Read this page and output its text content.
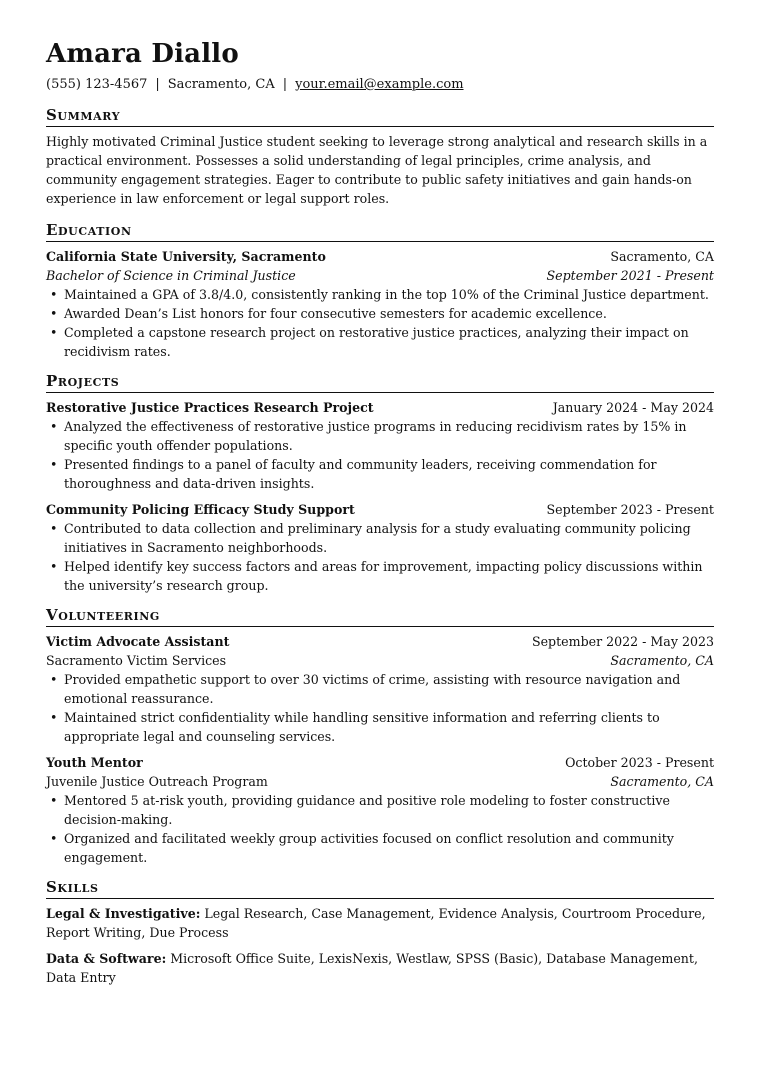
Amara Diallo
(555) 123-4567 | Sacramento, CA | your.email@example.com
Summary
Highly motivated Criminal Justice student seeking to leverage strong analytical and research skills in a practical environment. Possesses a solid understanding of legal principles, crime analysis, and community engagement strategies. Eager to contribute to public safety initiatives and gain hands-on experience in law enforcement or legal support roles.
Education
California State University, Sacramento	Sacramento, CA
Bachelor of Science in Criminal Justice	September 2021 - Present
• Maintained a GPA of 3.8/4.0, consistently ranking in the top 10% of the Criminal Justice department.
• Awarded Dean’s List honors for four consecutive semesters for academic excellence.
• Completed a capstone research project on restorative justice practices, analyzing their impact on recidivism rates.
Projects
Restorative Justice Practices Research Project	January 2024 - May 2024
• Analyzed the effectiveness of restorative justice programs in reducing recidivism rates by 15% in specific youth offender populations.
• Presented findings to a panel of faculty and community leaders, receiving commendation for thoroughness and data-driven insights.
Community Policing Efficacy Study Support	September 2023 - Present
• Contributed to data collection and preliminary analysis for a study evaluating community policing initiatives in Sacramento neighborhoods.
• Helped identify key success factors and areas for improvement, impacting policy discussions within the university’s research group.
Volunteering
Victim Advocate Assistant	September 2022 - May 2023
Sacramento Victim Services	Sacramento, CA
• Provided empathetic support to over 30 victims of crime, assisting with resource navigation and emotional reassurance.
• Maintained strict confidentiality while handling sensitive information and referring clients to appropriate legal and counseling services.
Youth Mentor	October 2023 - Present
Juvenile Justice Outreach Program	Sacramento, CA
• Mentored 5 at-risk youth, providing guidance and positive role modeling to foster constructive decision-making.
• Organized and facilitated weekly group activities focused on conflict resolution and community engagement.
Skills
Legal & Investigative: Legal Research, Case Management, Evidence Analysis, Courtroom Procedure, Report Writing, Due Process
Data & Software: Microsoft Office Suite, LexisNexis, Westlaw, SPSS (Basic), Database Management, Data Entry
